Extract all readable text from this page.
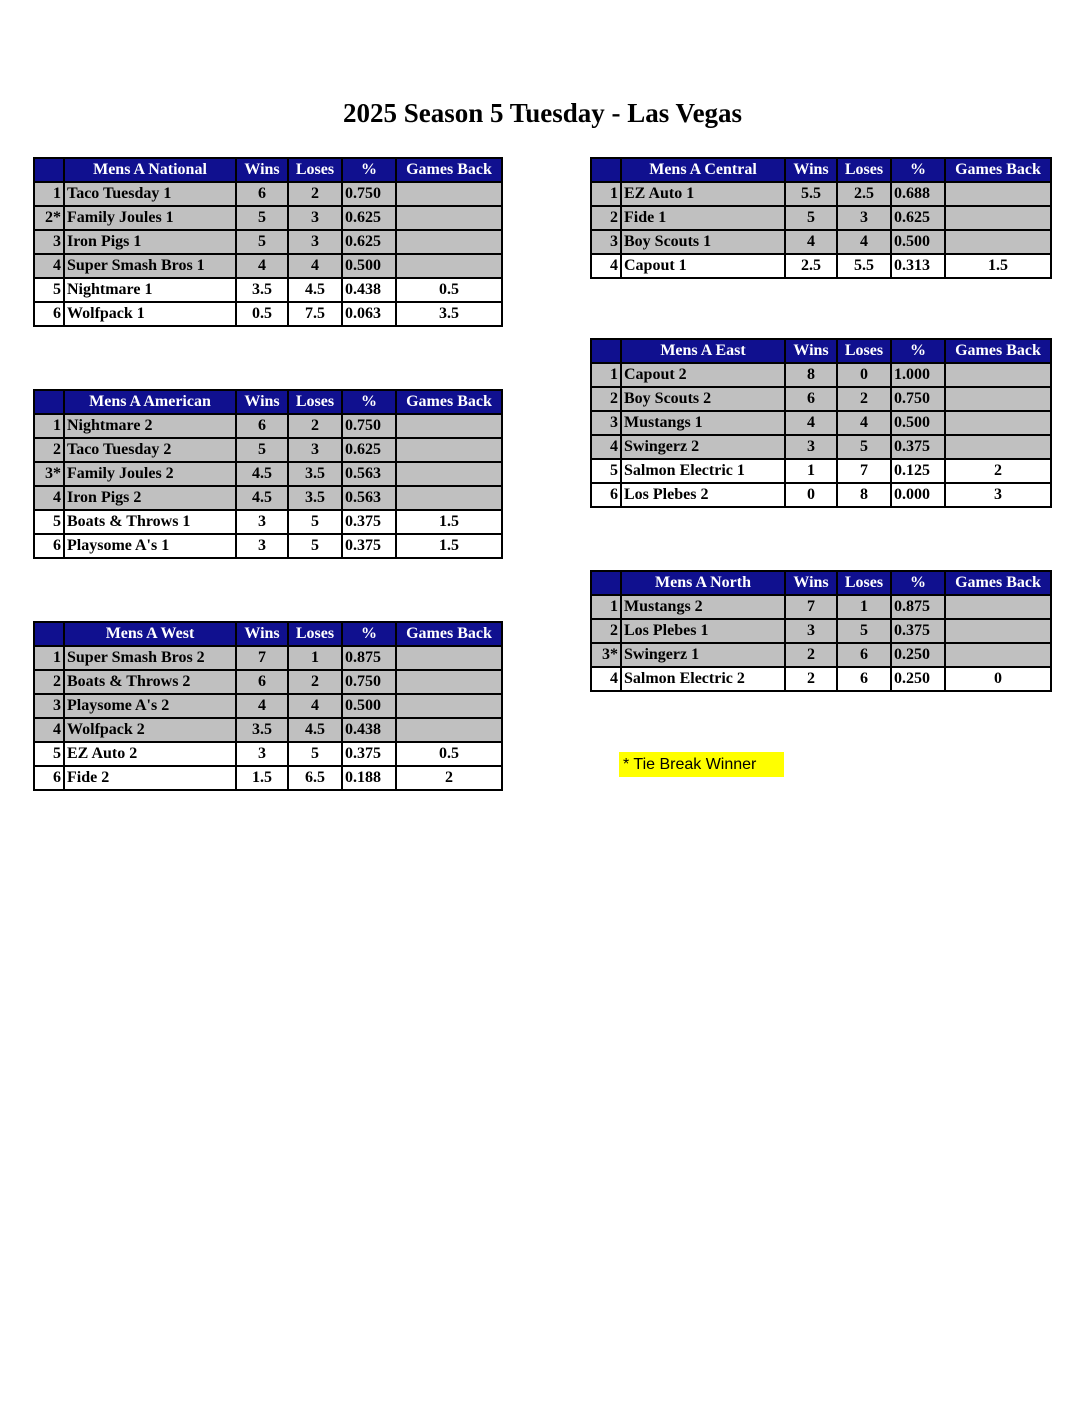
2025 Season 5 Tuesday - Las Vegas
	Mens A National	Wins	Loses	%	Games Back
1	Taco Tuesday 1	6	2	0.750	
2*	Family Joules 1	5	3	0.625	
3	Iron Pigs 1	5	3	0.625	
4	Super Smash Bros 1	4	4	0.500	
5	Nightmare 1	3.5	4.5	0.438	0.5
6	Wolfpack 1	0.5	7.5	0.063	3.5
	Mens A American	Wins	Loses	%	Games Back
1	Nightmare 2	6	2	0.750	
2	Taco Tuesday 2	5	3	0.625	
3*	Family Joules 2	4.5	3.5	0.563	
4	Iron Pigs 2	4.5	3.5	0.563	
5	Boats & Throws 1	3	5	0.375	1.5
6	Playsome A's 1	3	5	0.375	1.5
	Mens A West	Wins	Loses	%	Games Back
1	Super Smash Bros 2	7	1	0.875	
2	Boats & Throws 2	6	2	0.750	
3	Playsome A's 2	4	4	0.500	
4	Wolfpack 2	3.5	4.5	0.438	
5	EZ Auto 2	3	5	0.375	0.5
6	Fide 2	1.5	6.5	0.188	2
	Mens A Central	Wins	Loses	%	Games Back
1	EZ Auto 1	5.5	2.5	0.688	
2	Fide 1	5	3	0.625	
3	Boy Scouts 1	4	4	0.500	
4	Capout 1	2.5	5.5	0.313	1.5
	Mens A East	Wins	Loses	%	Games Back
1	Capout 2	8	0	1.000	
2	Boy Scouts 2	6	2	0.750	
3	Mustangs 1	4	4	0.500	
4	Swingerz 2	3	5	0.375	
5	Salmon Electric 1	1	7	0.125	2
6	Los Plebes 2	0	8	0.000	3
	Mens A North	Wins	Loses	%	Games Back
1	Mustangs 2	7	1	0.875	
2	Los Plebes 1	3	5	0.375	
3*	Swingerz 1	2	6	0.250	
4	Salmon Electric 2	2	6	0.250	0
* Tie Break Winner
